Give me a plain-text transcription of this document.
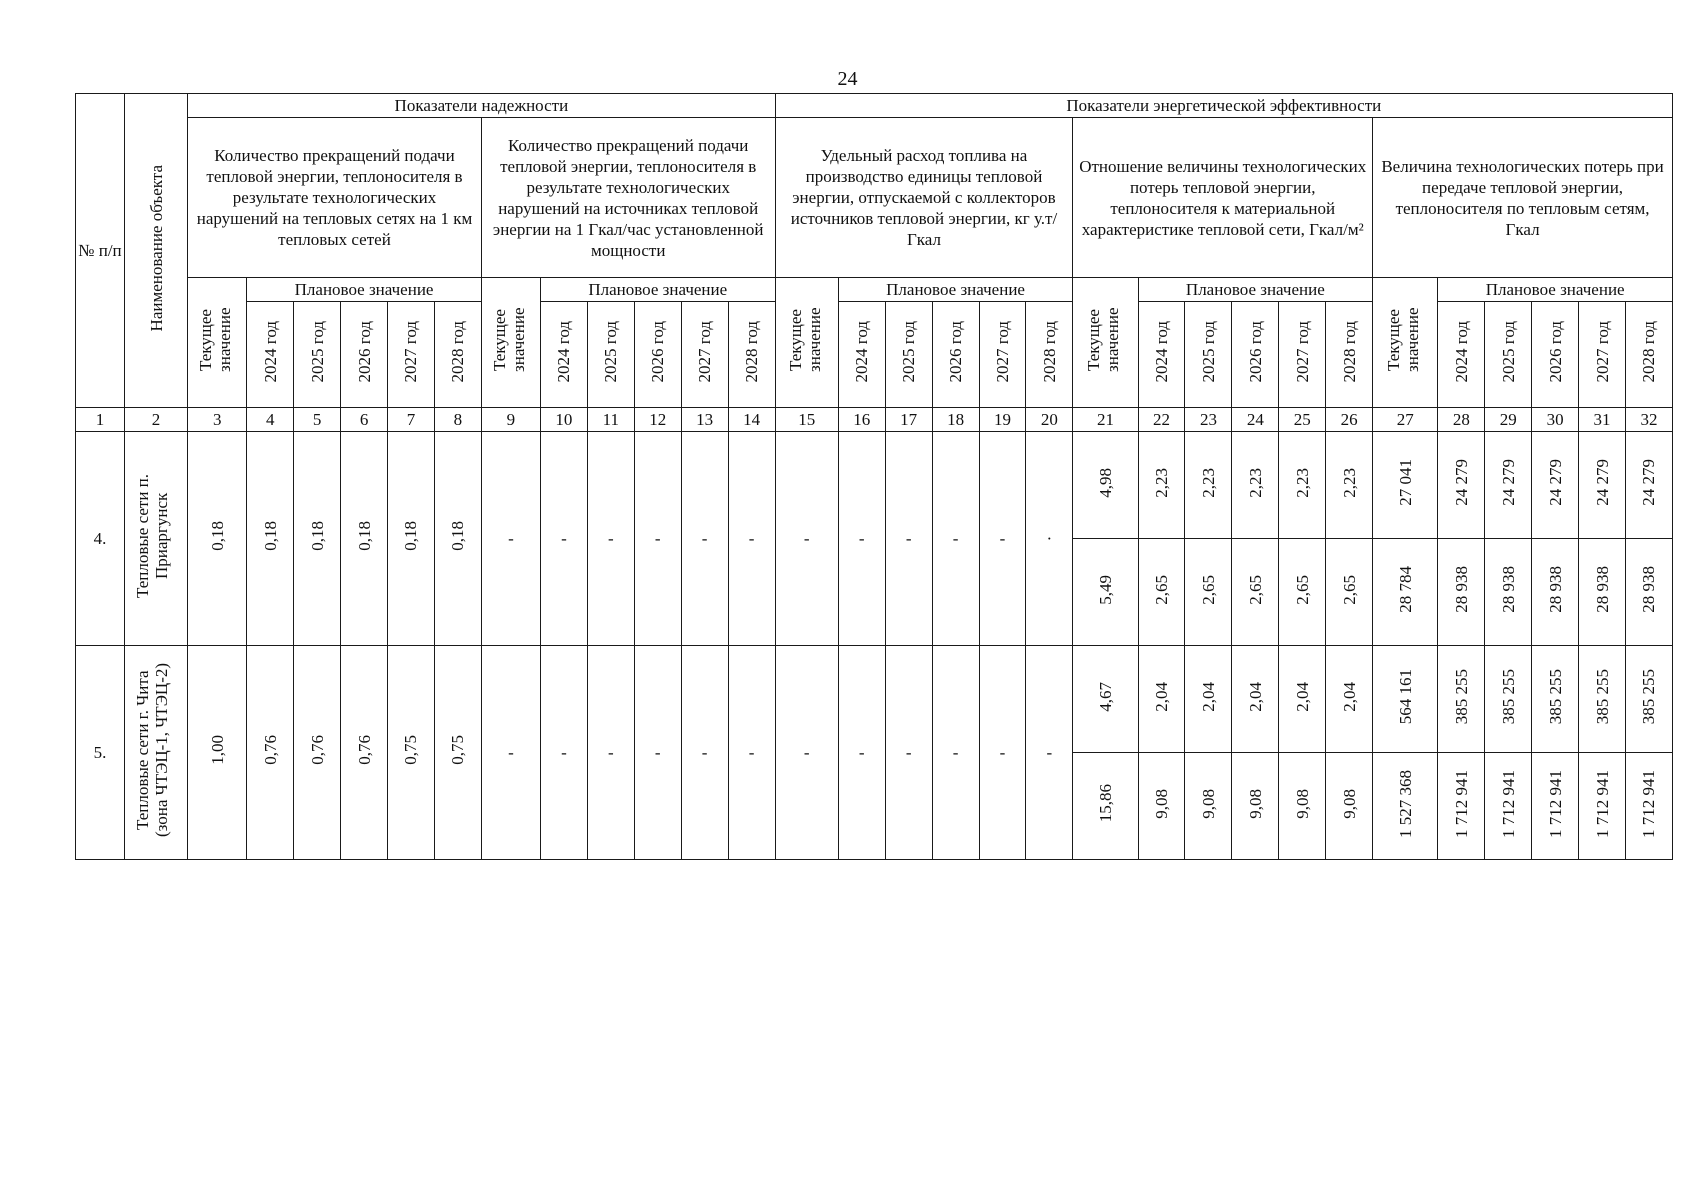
24
№ п/п	Наименование объекта	Показатели надежности												Показатели энергетической эффективности																	
		Количество прекращений подачи тепловой энергии, теплоносителя в результате технологических нарушений на тепловых сетях на 1 км тепловых сетей						Количество прекращений подачи тепловой энергии, теплоносителя в результате технологических нарушений на источниках тепловой энергии на 1 Гкал/час установленной мощности						Удельный расход топлива на производство единицы тепловой энергии, отпускаемой с коллекторов источников тепловой энергии, кг у.т/Гкал						Отношение величины технологических потерь тепловой энергии, теплоносителя к материальной характеристике тепловой сети, Гкал/м²						Величина технологических потерь при передаче тепловой энергии, теплоносителя по тепловым сетям, Гкал					
		Текущее значение	Плановое значение					Текущее значение	Плановое значение					Текущее значение	Плановое значение					Текущее значение	Плановое значение					Текущее значение	Плановое значение				
			2024 год	2025 год	2026 год	2027 год	2028 год		2024 год	2025 год	2026 год	2027 год	2028 год		2024 год	2025 год	2026 год	2027 год	2028 год		2024 год	2025 год	2026 год	2027 год	2028 год		2024 год	2025 год	2026 год	2027 год	2028 год
1	2	3	4	5	6	7	8	9	10	11	12	13	14	15	16	17	18	19	20	21	22	23	24	25	26	27	28	29	30	31	32
4.	Тепловые сети п. Приаргунск	0,18	0,18	0,18	0,18	0,18	0,18	-	-	-	-	-	-	-	-	-	-	-	·	4,98	2,23	2,23	2,23	2,23	2,23	27 041	24 279	24 279	24 279	24 279	24 279
																				5,49	2,65	2,65	2,65	2,65	2,65	28 784	28 938	28 938	28 938	28 938	28 938
5.	Тепловые сети г. Чита (зона ЧТЭЦ-1, ЧТЭЦ-2)	1,00	0,76	0,76	0,76	0,75	0,75	-	-	-	-	-	-	-	-	-	-	-	-	4,67	2,04	2,04	2,04	2,04	2,04	564 161	385 255	385 255	385 255	385 255	385 255
																				15,86	9,08	9,08	9,08	9,08	9,08	1 527 368	1 712 941	1 712 941	1 712 941	1 712 941	1 712 941
